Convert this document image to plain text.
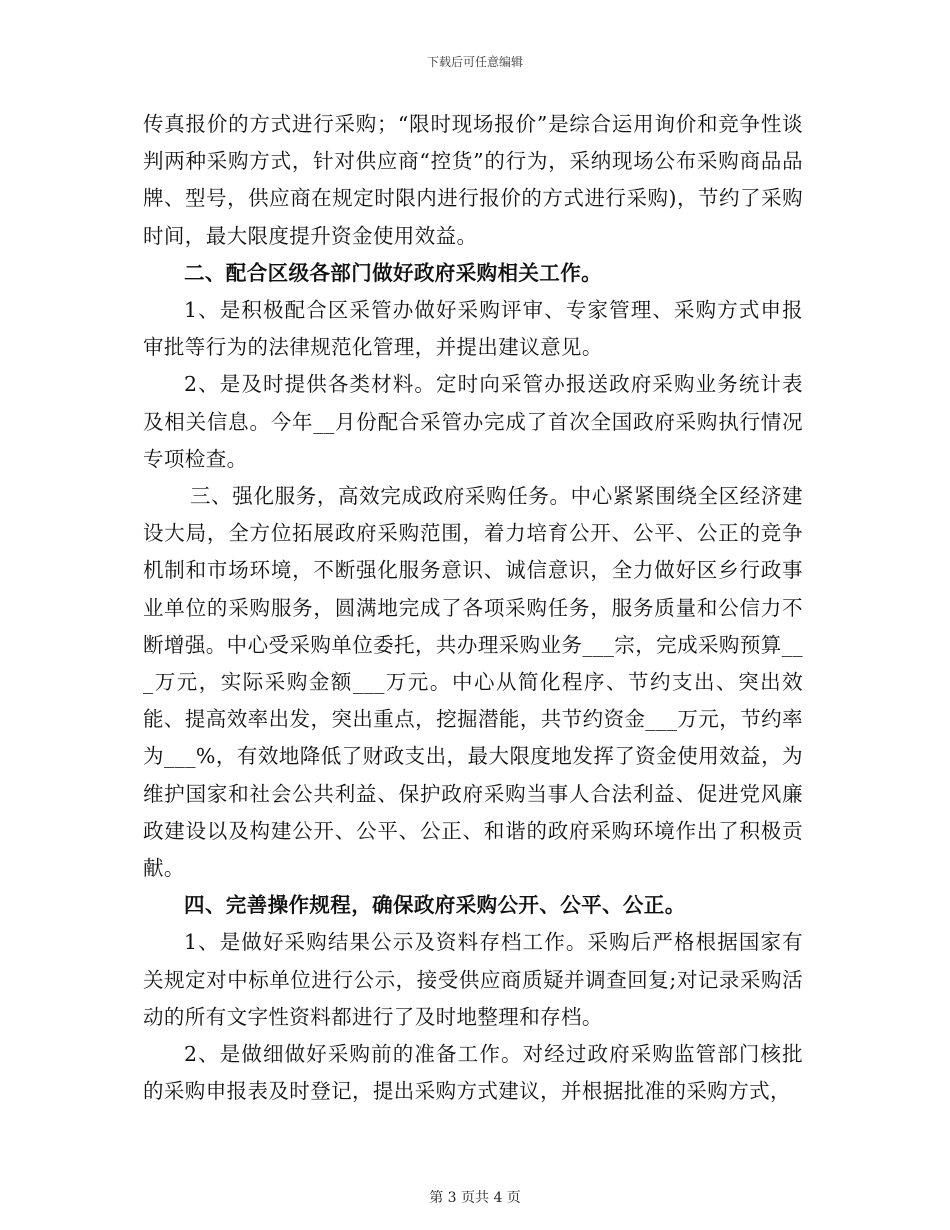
下载后可任意编辑

传真报价的方式进行采购；“限时现场报价”是综合运用询价和竞争性谈判两种采购方式，针对供应商“控货”的行为，采纳现场公布采购商品品牌、型号，供应商在规定时限内进行报价的方式进行采购)，节约了采购时间，最大限度提升资金使用效益。

二、配合区级各部门做好政府采购相关工作。

1、是积极配合区采管办做好采购评审、专家管理、采购方式申报审批等行为的法律规范化管理，并提出建议意见。

2、是及时提供各类材料。定时向采管办报送政府采购业务统计表及相关信息。今年__月份配合采管办完成了首次全国政府采购执行情况专项检查。

三、强化服务，高效完成政府采购任务。中心紧紧围绕全区经济建设大局，全方位拓展政府采购范围，着力培育公开、公平、公正的竞争机制和市场环境，不断强化服务意识、诚信意识，全力做好区乡行政事业单位的采购服务，圆满地完成了各项采购任务，服务质量和公信力不断增强。中心受采购单位委托，共办理采购业务___宗，完成采购预算___万元，实际采购金额___万元。中心从简化程序、节约支出、突出效能、提高效率出发，突出重点，挖掘潜能，共节约资金___万元，节约率为___%，有效地降低了财政支出，最大限度地发挥了资金使用效益，为维护国家和社会公共利益、保护政府采购当事人合法利益、促进党风廉政建设以及构建公开、公平、公正、和谐的政府采购环境作出了积极贡献。

四、完善操作规程，确保政府采购公开、公平、公正。

1、是做好采购结果公示及资料存档工作。采购后严格根据国家有关规定对中标单位进行公示，接受供应商质疑并调查回复;对记录采购活动的所有文字性资料都进行了及时地整理和存档。

2、是做细做好采购前的准备工作。对经过政府采购监管部门核批的采购申报表及时登记，提出采购方式建议，并根据批准的采购方式，

第 3 页共 4 页
